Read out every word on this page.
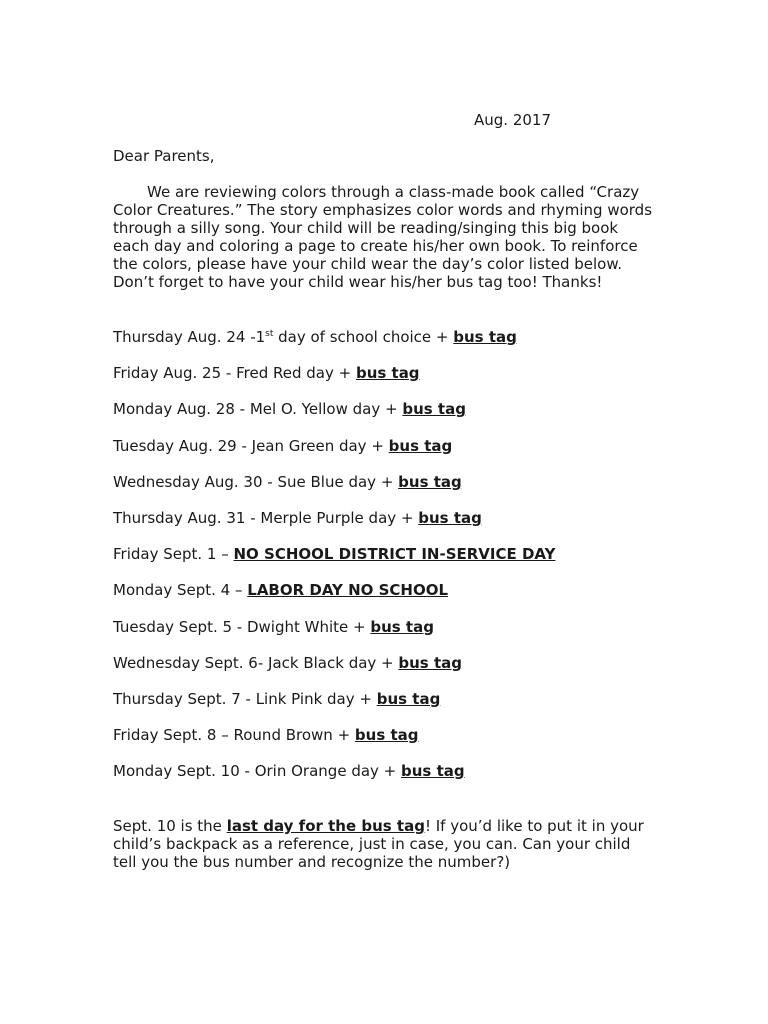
Aug. 2017
Dear Parents,

We are reviewing colors through a class-made book called “Crazy Color Creatures.” The story emphasizes color words and rhyming words through a silly song. Your child will be reading/singing this big book each day and coloring a page to create his/her own book. To reinforce the colors, please have your child wear the day’s color listed below. Don’t forget to have your child wear his/her bus tag too! Thanks!

Thursday Aug. 24 -1st day of school choice + bus tag
Friday Aug. 25 - Fred Red day + bus tag
Monday Aug. 28 - Mel O. Yellow day + bus tag
Tuesday Aug. 29 - Jean Green day + bus tag
Wednesday Aug. 30 - Sue Blue day + bus tag
Thursday Aug. 31 - Merple Purple day + bus tag
Friday Sept. 1 – NO SCHOOL DISTRICT IN-SERVICE DAY
Monday Sept. 4 – LABOR DAY NO SCHOOL
Tuesday Sept. 5 - Dwight White + bus tag
Wednesday Sept. 6- Jack Black day + bus tag
Thursday Sept. 7 - Link Pink day + bus tag
Friday Sept. 8 – Round Brown + bus tag
Monday Sept. 10 - Orin Orange day + bus tag

Sept. 10 is the last day for the bus tag! If you’d like to put it in your child’s backpack as a reference, just in case, you can. Can your child tell you the bus number and recognize the number?)
